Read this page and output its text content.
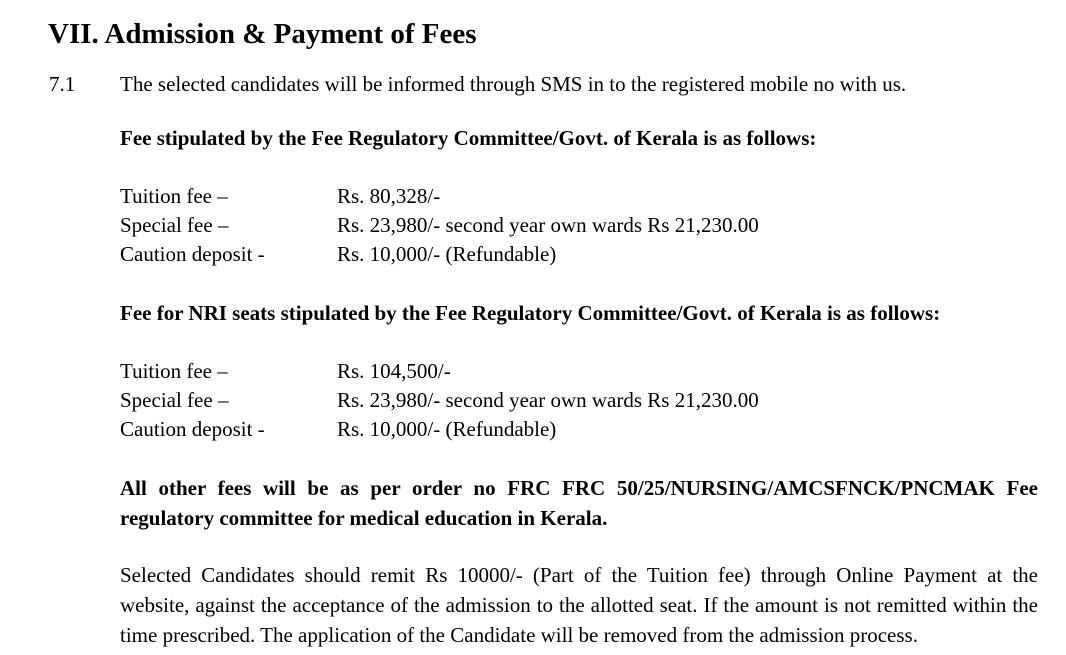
VII. Admission & Payment of Fees
7.1 The selected candidates will be informed through SMS in to the registered mobile no with us.
Fee stipulated by the Fee Regulatory Committee/Govt. of Kerala is as follows:
Tuition fee –	Rs. 80,328/-
Special fee –	Rs. 23,980/- second year own wards Rs 21,230.00
Caution deposit -	Rs. 10,000/- (Refundable)
Fee for NRI seats stipulated by the Fee Regulatory Committee/Govt. of Kerala is as follows:
Tuition fee –	Rs. 104,500/-
Special fee –	Rs. 23,980/- second year own wards Rs 21,230.00
Caution deposit -	Rs. 10,000/- (Refundable)
All other fees will be as per order no FRC FRC 50/25/NURSING/AMCSFNCK/PNCMAK Fee regulatory committee for medical education in Kerala.
Selected Candidates should remit Rs 10000/- (Part of the Tuition fee) through Online Payment at the website, against the acceptance of the admission to the allotted seat. If the amount is not remitted within the time prescribed. The application of the Candidate will be removed from the admission process.
